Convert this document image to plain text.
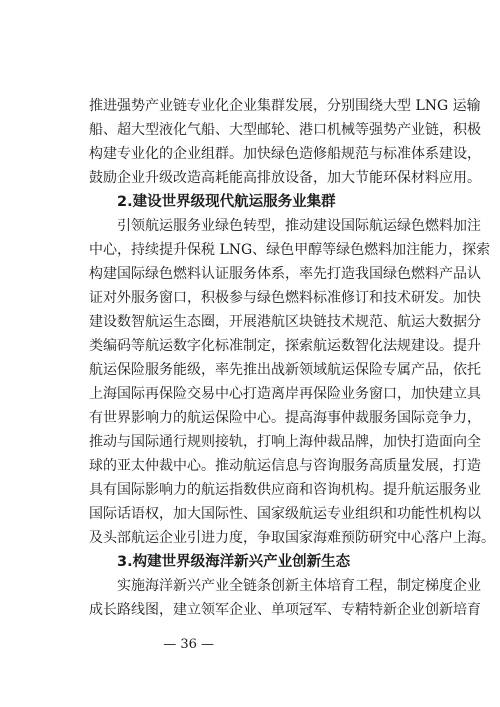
推进强势产业链专业化企业集群发展，分别围绕大型 LNG 运输
船、超大型液化气船、大型邮轮、港口机械等强势产业链，积极
构建专业化的企业组群。加快绿色造修船规范与标准体系建设，
鼓励企业升级改造高耗能高排放设备，加大节能环保材料应用。
2.建设世界级现代航运服务业集群
引领航运服务业绿色转型，推动建设国际航运绿色燃料加注
中心，持续提升保税 LNG、绿色甲醇等绿色燃料加注能力，探索
构建国际绿色燃料认证服务体系，率先打造我国绿色燃料产品认
证对外服务窗口，积极参与绿色燃料标准修订和技术研发。加快
建设数智航运生态圈，开展港航区块链技术规范、航运大数据分
类编码等航运数字化标准制定，探索航运数智化法规建设。提升
航运保险服务能级，率先推出战新领域航运保险专属产品，依托
上海国际再保险交易中心打造离岸再保险业务窗口，加快建立具
有世界影响力的航运保险中心。提高海事仲裁服务国际竞争力，
推动与国际通行规则接轨，打响上海仲裁品牌，加快打造面向全
球的亚太仲裁中心。推动航运信息与咨询服务高质量发展，打造
具有国际影响力的航运指数供应商和咨询机构。提升航运服务业
国际话语权，加大国际性、国家级航运专业组织和功能性机构以
及头部航运企业引进力度，争取国家海难预防研究中心落户上海。
3.构建世界级海洋新兴产业创新生态
实施海洋新兴产业全链条创新主体培育工程，制定梯度企业
成长路线图，建立领军企业、单项冠军、专精特新企业创新培育
— 36 —
